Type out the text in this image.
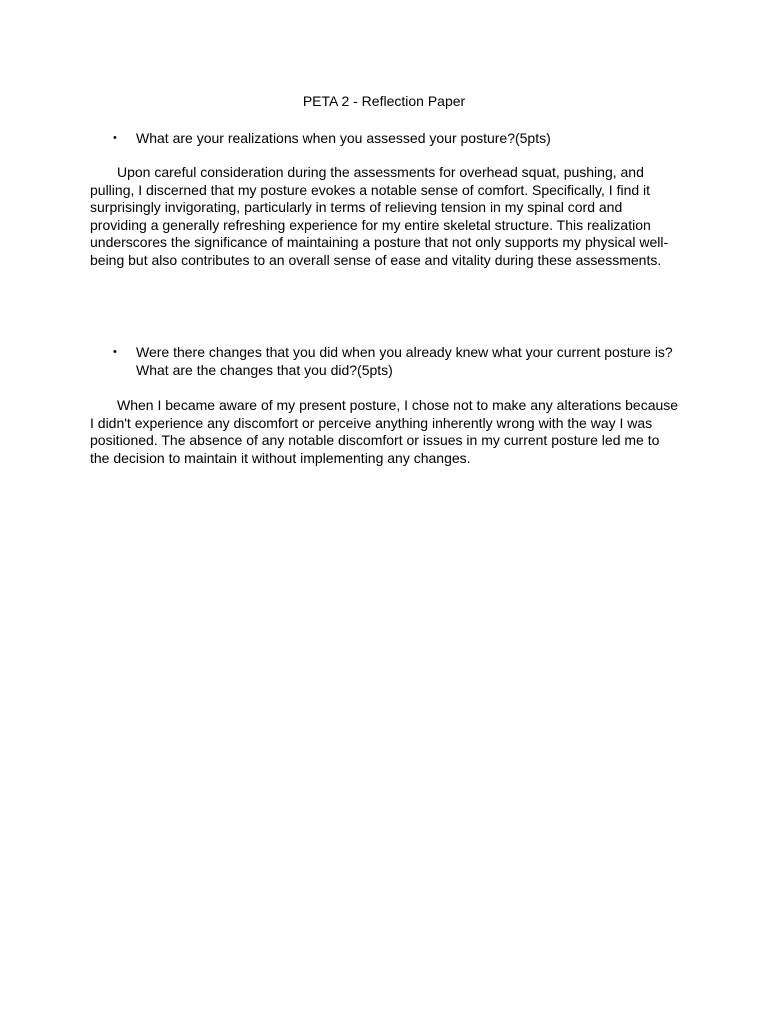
PETA 2 - Reflection Paper
• What are your realizations when you assessed your posture?(5pts)

Upon careful consideration during the assessments for overhead squat, pushing, and pulling, I discerned that my posture evokes a notable sense of comfort. Specifically, I find it surprisingly invigorating, particularly in terms of relieving tension in my spinal cord and providing a generally refreshing experience for my entire skeletal structure. This realization underscores the significance of maintaining a posture that not only supports my physical well-being but also contributes to an overall sense of ease and vitality during these assessments.

• Were there changes that you did when you already knew what your current posture is? What are the changes that you did?(5pts)

When I became aware of my present posture, I chose not to make any alterations because I didn't experience any discomfort or perceive anything inherently wrong with the way I was positioned. The absence of any notable discomfort or issues in my current posture led me to the decision to maintain it without implementing any changes.
